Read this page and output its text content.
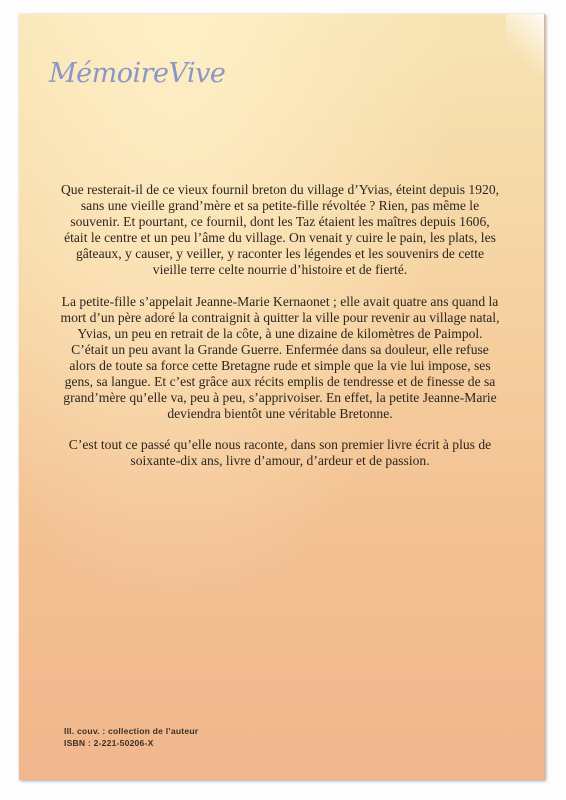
MémoireVive

Que resterait-il de ce vieux fournil breton du village d’Yvias, éteint depuis 1920, sans une vieille grand’mère et sa petite-fille révoltée ? Rien, pas même le souvenir. Et pourtant, ce fournil, dont les Taz étaient les maîtres depuis 1606, était le centre et un peu l’âme du village. On venait y cuire le pain, les plats, les gâteaux, y causer, y veiller, y raconter les légendes et les souvenirs de cette vieille terre celte nourrie d’histoire et de fierté.

La petite-fille s’appelait Jeanne-Marie Kernaonet ; elle avait quatre ans quand la mort d’un père adoré la contraignit à quitter la ville pour revenir au village natal, Yvias, un peu en retrait de la côte, à une dizaine de kilomètres de Paimpol. C’était un peu avant la Grande Guerre. Enfermée dans sa douleur, elle refuse alors de toute sa force cette Bretagne rude et simple que la vie lui impose, ses gens, sa langue. Et c’est grâce aux récits emplis de tendresse et de finesse de sa grand’mère qu’elle va, peu à peu, s’apprivoiser. En effet, la petite Jeanne-Marie deviendra bientôt une véritable Bretonne.

C’est tout ce passé qu’elle nous raconte, dans son premier livre écrit à plus de soixante-dix ans, livre d’amour, d’ardeur et de passion.

Ill. couv. : collection de l’auteur
ISBN : 2-221-50206-X
